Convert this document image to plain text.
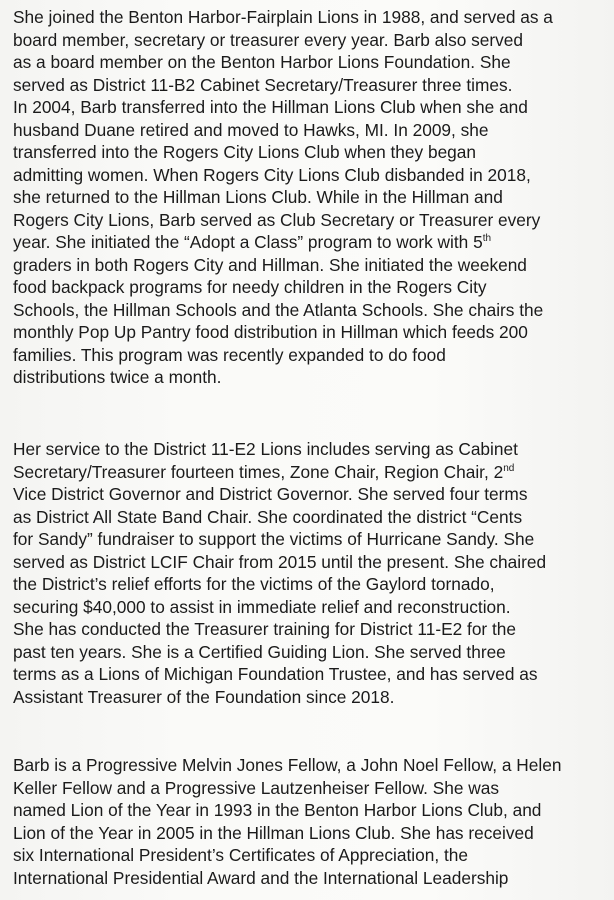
She joined the Benton Harbor-Fairplain Lions in 1988, and served as a
board member, secretary or treasurer every year. Barb also served
as a board member on the Benton Harbor Lions Foundation. She
served as District 11-B2 Cabinet Secretary/Treasurer three times.
In 2004, Barb transferred into the Hillman Lions Club when she and
husband Duane retired and moved to Hawks, MI. In 2009, she
transferred into the Rogers City Lions Club when they began
admitting women. When Rogers City Lions Club disbanded in 2018,
she returned to the Hillman Lions Club. While in the Hillman and
Rogers City Lions, Barb served as Club Secretary or Treasurer every
year. She initiated the “Adopt a Class” program to work with 5th
graders in both Rogers City and Hillman. She initiated the weekend
food backpack programs for needy children in the Rogers City
Schools, the Hillman Schools and the Atlanta Schools. She chairs the
monthly Pop Up Pantry food distribution in Hillman which feeds 200
families. This program was recently expanded to do food
distributions twice a month.

Her service to the District 11-E2 Lions includes serving as Cabinet
Secretary/Treasurer fourteen times, Zone Chair, Region Chair, 2nd
Vice District Governor and District Governor. She served four terms
as District All State Band Chair. She coordinated the district “Cents
for Sandy” fundraiser to support the victims of Hurricane Sandy. She
served as District LCIF Chair from 2015 until the present. She chaired
the District’s relief efforts for the victims of the Gaylord tornado,
securing $40,000 to assist in immediate relief and reconstruction.
She has conducted the Treasurer training for District 11-E2 for the
past ten years. She is a Certified Guiding Lion. She served three
terms as a Lions of Michigan Foundation Trustee, and has served as
Assistant Treasurer of the Foundation since 2018.

Barb is a Progressive Melvin Jones Fellow, a John Noel Fellow, a Helen
Keller Fellow and a Progressive Lautzenheiser Fellow. She was
named Lion of the Year in 1993 in the Benton Harbor Lions Club, and
Lion of the Year in 2005 in the Hillman Lions Club. She has received
six International President’s Certificates of Appreciation, the
International Presidential Award and the International Leadership
